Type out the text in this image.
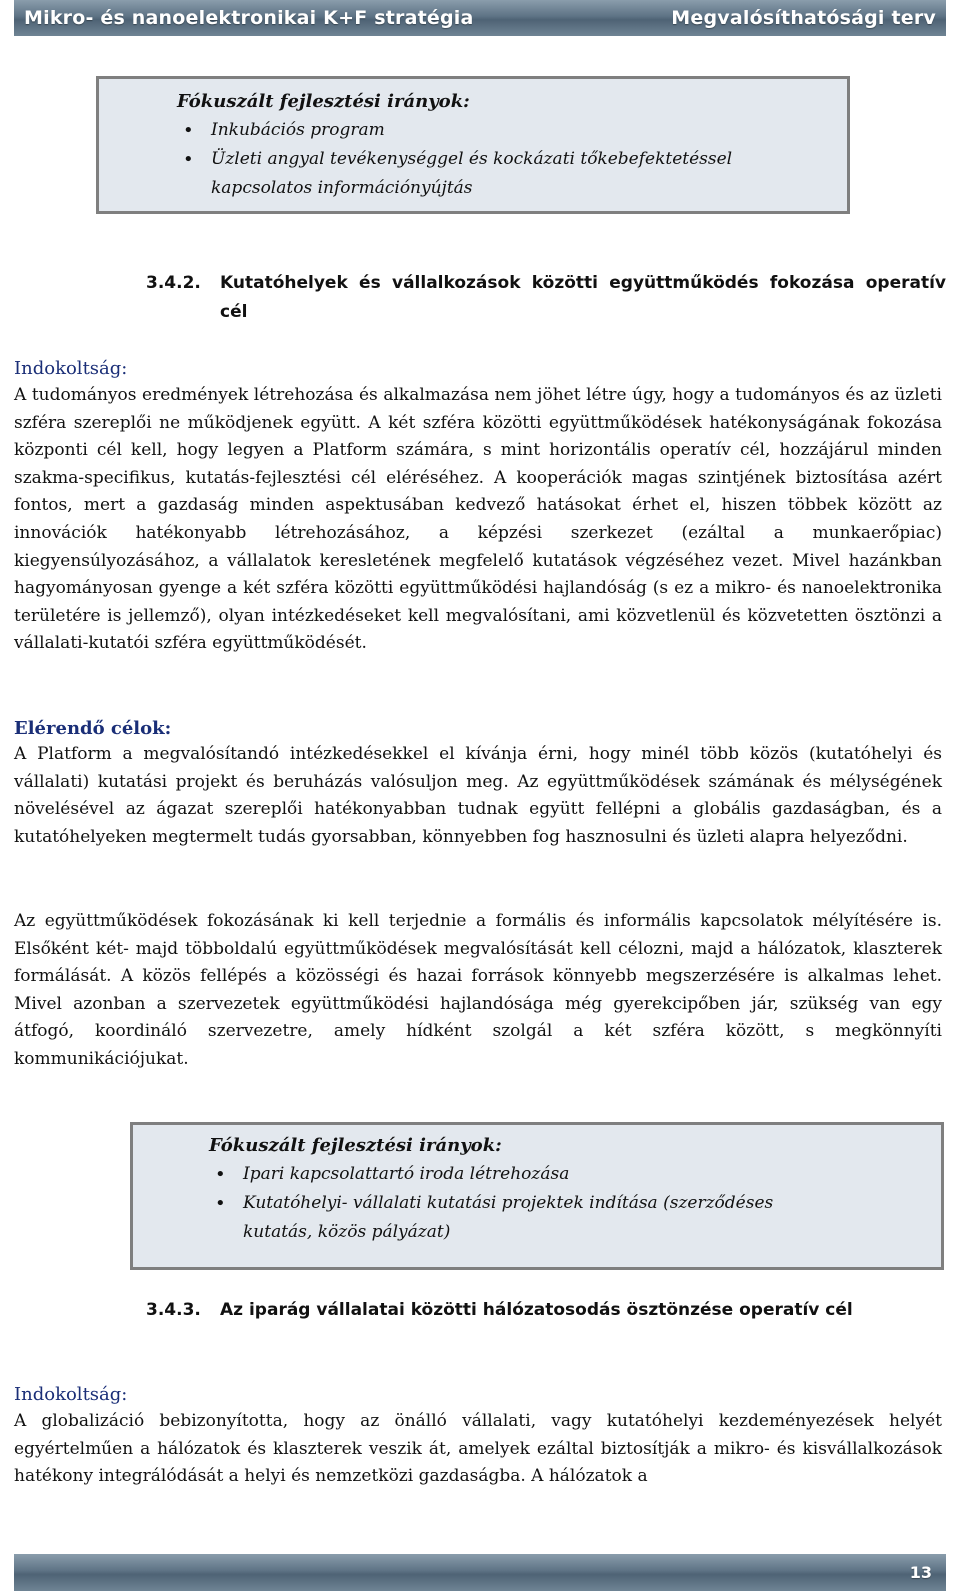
Mikro- és nanoelektronikai K+F stratégia	Megvalósíthatósági terv
Fókuszált fejlesztési irányok:
• Inkubációs program
• Üzleti angyal tevékenységgel és kockázati tőkebefektetéssel kapcsolatos információnyújtás
3.4.2.	Kutatóhelyek és vállalkozások közötti együttműködés fokozása operatív cél
Indokoltság:

A tudományos eredmények létrehozása és alkalmazása nem jöhet létre úgy, hogy a tudományos és az üzleti szféra szereplői ne működjenek együtt. A két szféra közötti együttműködések hatékonyságának fokozása központi cél kell, hogy legyen a Platform számára, s mint horizontális operatív cél, hozzájárul minden szakma-specifikus, kutatás-fejlesztési cél eléréséhez. A kooperációk magas szintjének biztosítása azért fontos, mert a gazdaság minden aspektusában kedvező hatásokat érhet el, hiszen többek között az innovációk hatékonyabb létrehozásához, a képzési szerkezet (ezáltal a munkaerőpiac) kiegyensúlyozásához, a vállalatok keresletének megfelelő kutatások végzéséhez vezet. Mivel hazánkban hagyományosan gyenge a két szféra közötti együttműködési hajlandóság (s ez a mikro- és nanoelektronika területére is jellemző), olyan intézkedéseket kell megvalósítani, ami közvetlenül és közvetetten ösztönzi a vállalati-kutatói szféra együttműködését.

Elérendő célok:

A Platform a megvalósítandó intézkedésekkel el kívánja érni, hogy minél több közös (kutatóhelyi és vállalati) kutatási projekt és beruházás valósuljon meg. Az együttműködések számának és mélységének növelésével az ágazat szereplői hatékonyabban tudnak együtt fellépni a globális gazdaságban, és a kutatóhelyeken megtermelt tudás gyorsabban, könnyebben fog hasznosulni és üzleti alapra helyeződni.

Az együttműködések fokozásának ki kell terjednie a formális és informális kapcsolatok mélyítésére is. Elsőként két- majd többoldalú együttműködések megvalósítását kell célozni, majd a hálózatok, klaszterek formálását. A közös fellépés a közösségi és hazai források könnyebb megszerzésére is alkalmas lehet. Mivel azonban a szervezetek együttműködési hajlandósága még gyerekcipőben jár, szükség van egy átfogó, koordináló szervezetre, amely hídként szolgál a két szféra között, s megkönnyíti kommunikációjukat.

Fókuszált fejlesztési irányok:
• Ipari kapcsolattartó iroda létrehozása
• Kutatóhelyi- vállalati kutatási projektek indítása (szerződéses kutatás, közös pályázat)
3.4.3.	Az iparág vállalatai közötti hálózatosodás ösztönzése operatív cél
Indokoltság:

A globalizáció bebizonyította, hogy az önálló vállalati, vagy kutatóhelyi kezdeményezések helyét egyértelműen a hálózatok és klaszterek veszik át, amelyek ezáltal biztosítják a mikro- és kisvállalkozások hatékony integrálódását a helyi és nemzetközi gazdaságba. A hálózatok a

13
